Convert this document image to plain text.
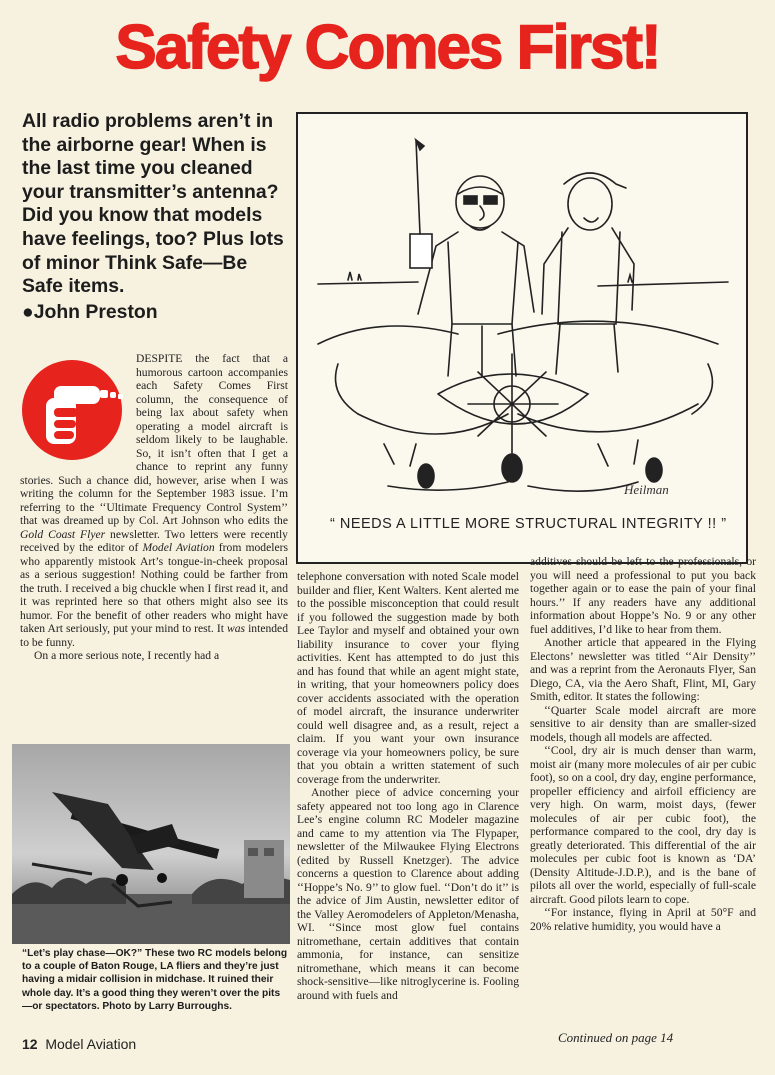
Safety Comes First!
All radio problems aren’t in the airborne gear! When is the last time you cleaned your transmitter’s antenna? Did you know that models have feelings, too? Plus lots of minor Think Safe—Be Safe items.
●John Preston

DESPITE the fact that a humorous cartoon accompanies each Safety Comes First column, the consequence of being lax about safety when operating a model aircraft is seldom likely to be laughable. So, it isn’t often that I get a chance to reprint any funny stories. Such a chance did, however, arise when I was writing the column for the September 1983 issue. I’m referring to the ‘‘Ultimate Frequency Control System’’ that was dreamed up by Col. Art Johnson who edits the Gold Coast Flyer newsletter. Two letters were recently received by the editor of Model Aviation from modelers who apparently mistook Art’s tongue-in-cheek proposal as a serious suggestion! Nothing could be farther from the truth. I received a big chuckle when I first read it, and it was reprinted here so that others might also see its humor. For the benefit of other readers who might have taken Art seriously, put your mind to rest. It was intended to be funny.

On a more serious note, I recently had a

Heilman
“ NEEDS A LITTLE MORE STRUCTURAL INTEGRITY !! ”
“Let’s play chase—OK?” These two RC models belong to a couple of Baton Rouge, LA fliers and they’re just having a midair collision in midchase. It ruined their whole day. It’s a good thing they weren’t over the pits—or spectators. Photo by Larry Burroughs.

telephone conversation with noted Scale model builder and flier, Kent Walters. Kent alerted me to the possible misconception that could result if you followed the suggestion made by both Lee Taylor and myself and obtained your own liability insurance to cover your flying activities. Kent has attempted to do just this and has found that while an agent might state, in writing, that your homeowners policy does cover accidents associated with the operation of model aircraft, the insurance underwriter could well disagree and, as a result, reject a claim. If you want your own insurance coverage via your homeowners policy, be sure that you obtain a written statement of such coverage from the underwriter.

Another piece of advice concerning your safety appeared not too long ago in Clarence Lee’s engine column RC Modeler magazine and came to my attention via The Flypaper, newsletter of the Milwaukee Flying Electrons (edited by Russell Knetzger). The advice concerns a question to Clarence about adding ‘‘Hoppe’s No. 9’’ to glow fuel. ‘‘Don’t do it’’ is the advice of Jim Austin, newsletter editor of the Valley Aeromodelers of Appleton/Menasha, WI. ‘‘Since most glow fuel contains nitromethane, certain additives that contain ammonia, for instance, can sensitize nitromethane, which means it can become shock-sensitive—like nitroglycerine is. Fooling around with fuels and

additives should be left to the professionals, or you will need a professional to put you back together again or to ease the pain of your final hours.’’ If any readers have any additional information about Hoppe’s No. 9 or any other fuel additives, I’d like to hear from them.

Another article that appeared in the Flying Electons’ newsletter was titled ‘‘Air Density’’ and was a reprint from the Aeronauts Flyer, San Diego, CA, via the Aero Shaft, Flint, MI, Gary Smith, editor. It states the following:

‘‘Quarter Scale model aircraft are more sensitive to air density than are smaller-sized models, though all models are affected.

‘‘Cool, dry air is much denser than warm, moist air (many more molecules of air per cubic foot), so on a cool, dry day, engine performance, propeller efficiency and airfoil efficiency are very high. On warm, moist days, (fewer molecules of air per cubic foot), the performance compared to the cool, dry day is greatly deteriorated. This differential of the air molecules per cubic foot is known as ‘DA’ (Density Altitude-J.D.P.), and is the bane of pilots all over the world, especially of full-scale aircraft. Good pilots learn to cope.

‘‘For instance, flying in April at 50°F and 20% relative humidity, you would have a

Continued on page 14
12 Model Aviation
